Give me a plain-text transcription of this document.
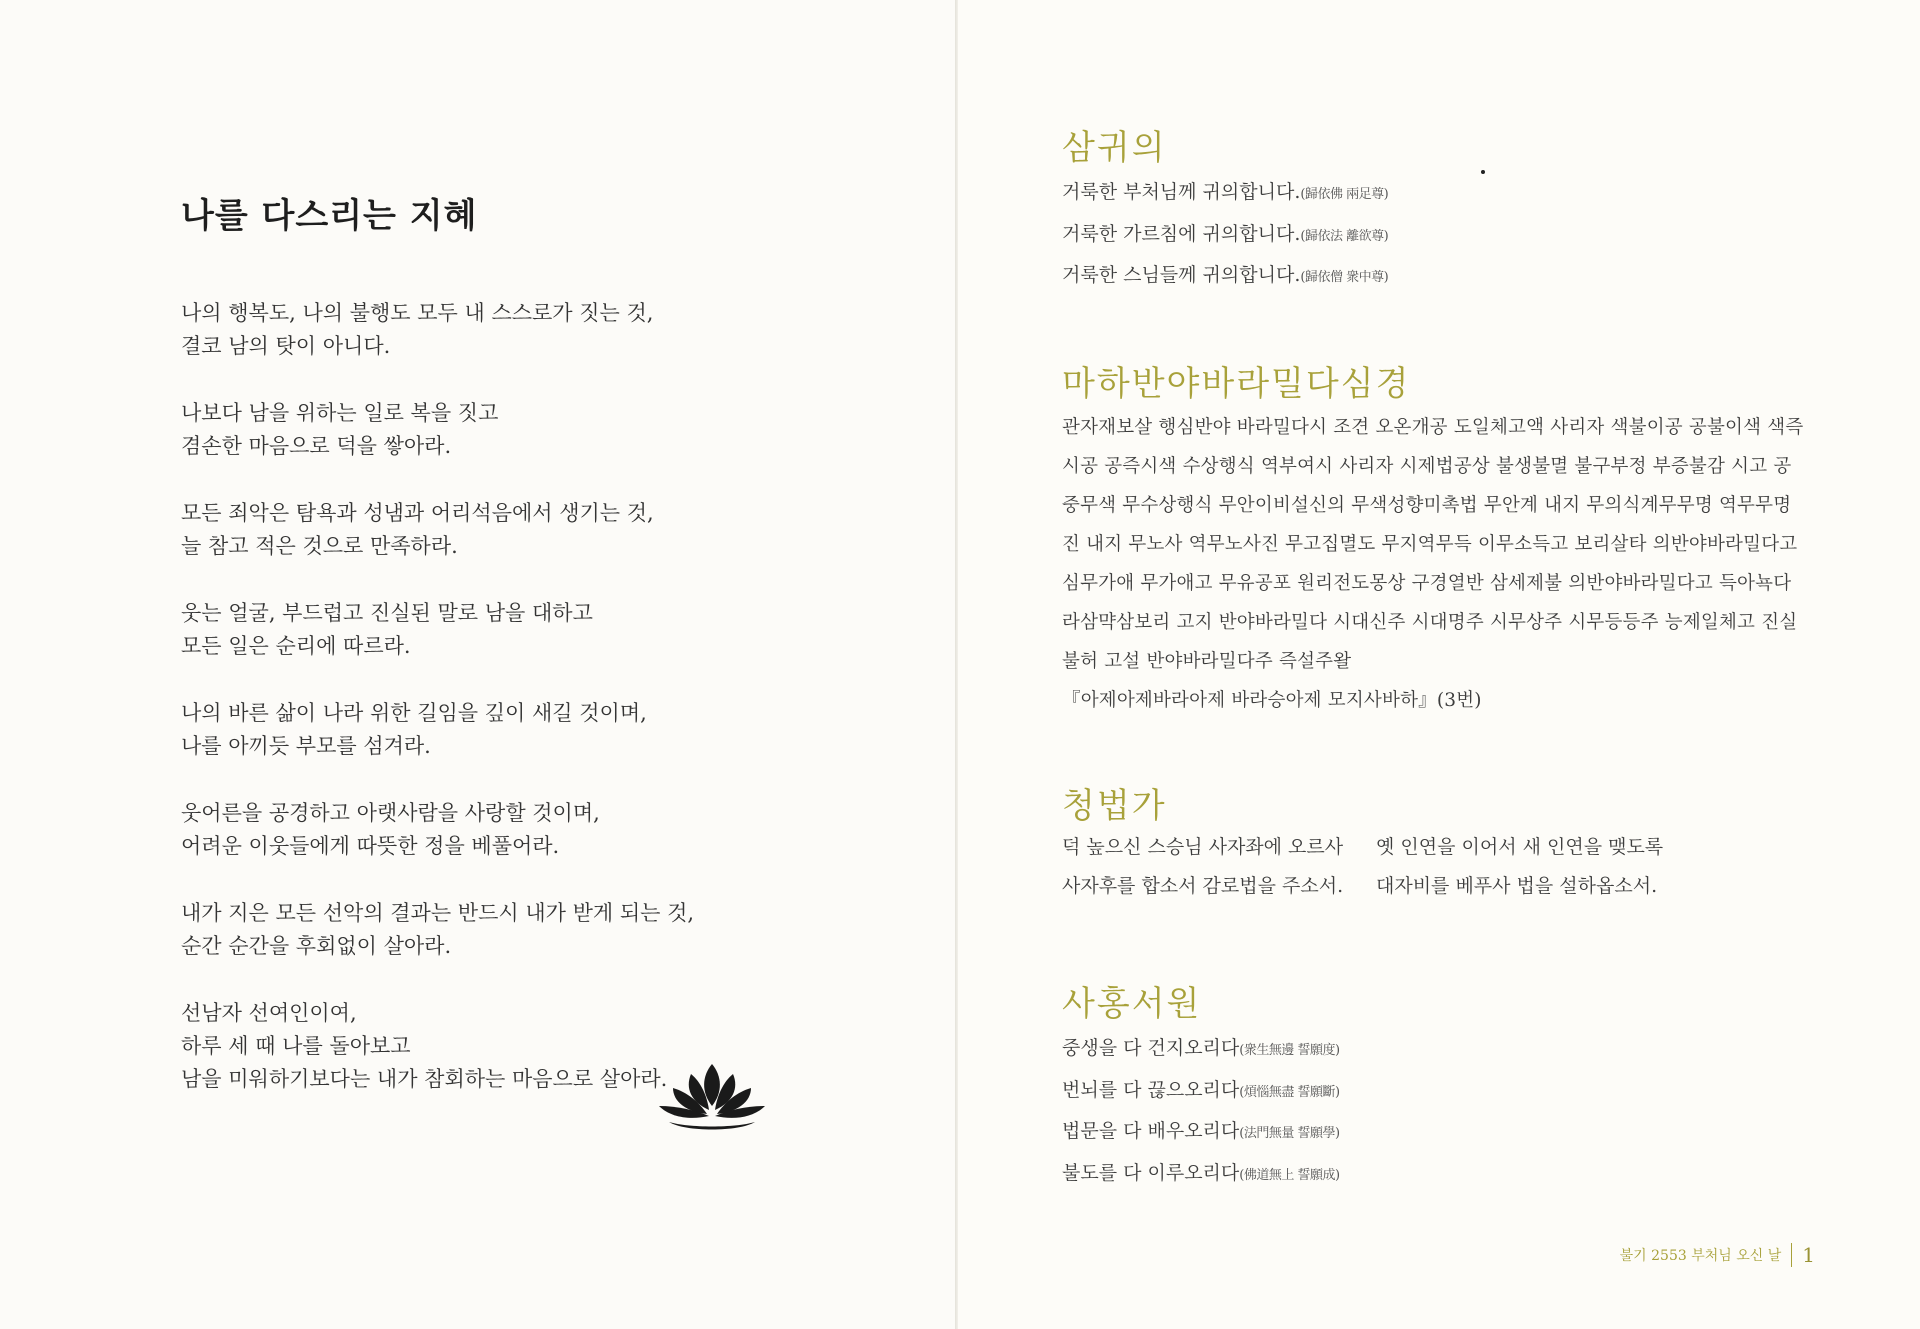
나를 다스리는 지혜
나의 행복도, 나의 불행도 모두 내 스스로가 짓는 것,
결코 남의 탓이 아니다.
나보다 남을 위하는 일로 복을 짓고
겸손한 마음으로 덕을 쌓아라.
모든 죄악은 탐욕과 성냄과 어리석음에서 생기는 것,
늘 참고 적은 것으로 만족하라.
웃는 얼굴, 부드럽고 진실된 말로 남을 대하고
모든 일은 순리에 따르라.
나의 바른 삶이 나라 위한 길임을 깊이 새길 것이며,
나를 아끼듯 부모를 섬겨라.
웃어른을 공경하고 아랫사람을 사랑할 것이며,
어려운 이웃들에게 따뜻한 정을 베풀어라.
내가 지은 모든 선악의 결과는 반드시 내가 받게 되는 것,
순간 순간을 후회없이 살아라.
선남자 선여인이여,
하루 세 때 나를 돌아보고
남을 미워하기보다는 내가 참회하는 마음으로 살아라.
삼귀의
거룩한 부처님께 귀의합니다.(歸依佛 兩足尊)
거룩한 가르침에 귀의합니다.(歸依法 離欲尊)
거룩한 스님들께 귀의합니다.(歸依僧 衆中尊)
마하반야바라밀다심경
관자재보살 행심반야 바라밀다시 조견 오온개공 도일체고액 사리자 색불이공 공불이색 색즉
시공 공즉시색 수상행식 역부여시 사리자 시제법공상 불생불멸 불구부정 부증불감 시고 공
중무색 무수상행식 무안이비설신의 무색성향미촉법 무안계 내지 무의식계무무명 역무무명
진 내지 무노사 역무노사진 무고집멸도 무지역무득 이무소득고 보리살타 의반야바라밀다고
심무가애 무가애고 무유공포 원리전도몽상 구경열반 삼세제불 의반야바라밀다고 득아뇩다
라삼먁삼보리 고지 반야바라밀다 시대신주 시대명주 시무상주 시무등등주 능제일체고 진실
불허 고설 반야바라밀다주 즉설주왈
『아제아제바라아제 바라승아제 모지사바하』(3번)
청법가
덕 높으신 스승님 사자좌에 오르사	옛 인연을 이어서 새 인연을 맺도록
사자후를 합소서 감로법을 주소서.	대자비를 베푸사 법을 설하옵소서.
사홍서원
중생을 다 건지오리다(衆生無邊 誓願度)
번뇌를 다 끊으오리다(煩惱無盡 誓願斷)
법문을 다 배우오리다(法門無量 誓願學)
불도를 다 이루오리다(佛道無上 誓願成)
불기 2553 부처님 오신 날 1
